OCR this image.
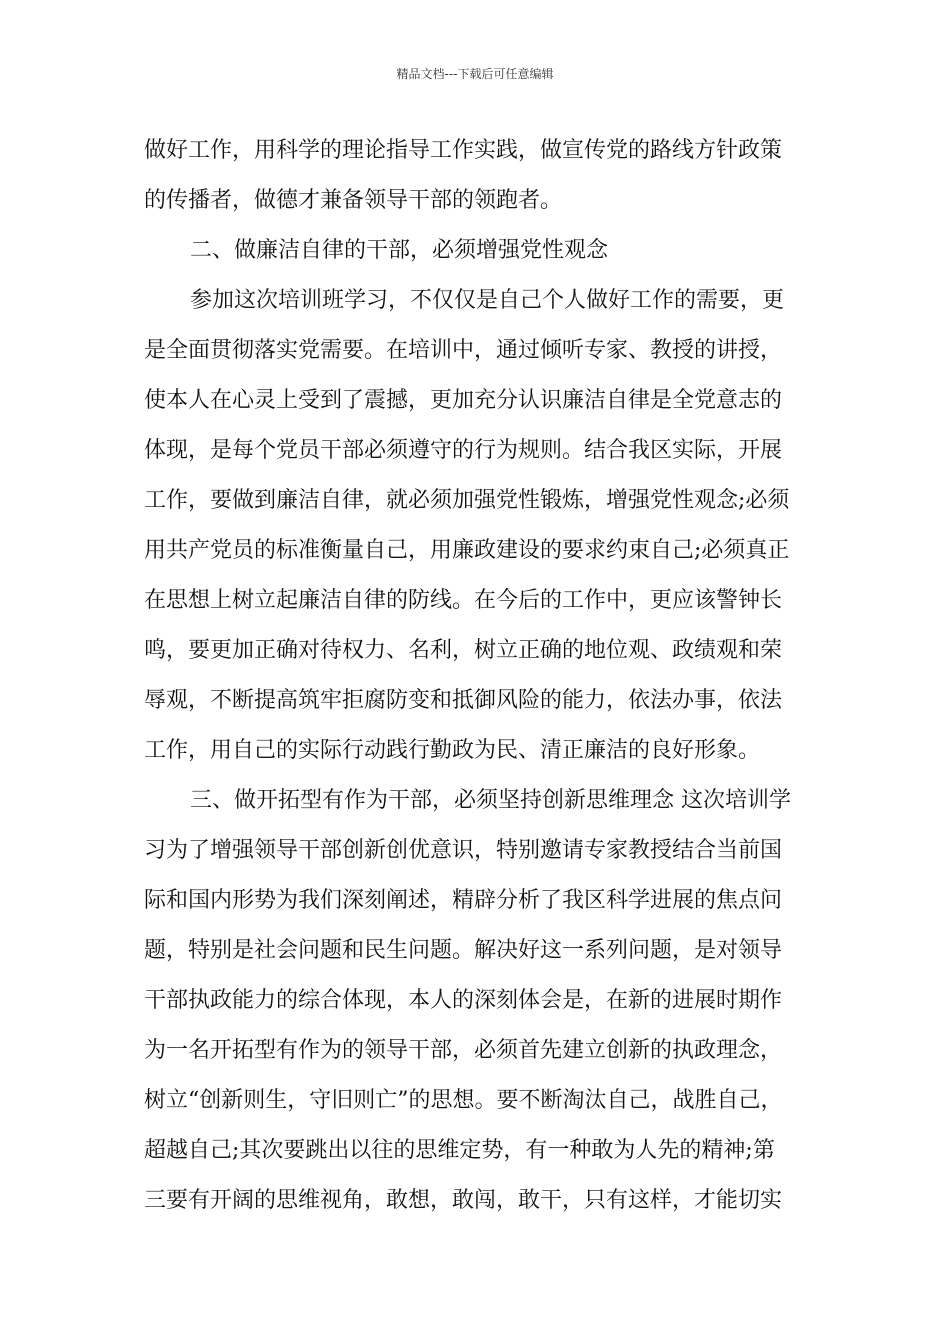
精品文档---下载后可任意编辑
做好工作，用科学的理论指导工作实践，做宣传党的路线方针政策
的传播者，做德才兼备领导干部的领跑者。
二、做廉洁自律的干部，必须增强党性观念
参加这次培训班学习，不仅仅是自己个人做好工作的需要，更
是全面贯彻落实党需要。在培训中，通过倾听专家、教授的讲授，
使本人在心灵上受到了震撼，更加充分认识廉洁自律是全党意志的
体现，是每个党员干部必须遵守的行为规则。结合我区实际，开展
工作，要做到廉洁自律，就必须加强党性锻炼，增强党性观念;必须
用共产党员的标准衡量自己，用廉政建设的要求约束自己;必须真正
在思想上树立起廉洁自律的防线。在今后的工作中，更应该警钟长
鸣，要更加正确对待权力、名利，树立正确的地位观、政绩观和荣
辱观，不断提高筑牢拒腐防变和抵御风险的能力，依法办事，依法
工作，用自己的实际行动践行勤政为民、清正廉洁的良好形象。
三、做开拓型有作为干部，必须坚持创新思维理念 这次培训学
习为了增强领导干部创新创优意识，特别邀请专家教授结合当前国
际和国内形势为我们深刻阐述，精辟分析了我区科学进展的焦点问
题，特别是社会问题和民生问题。解决好这一系列问题，是对领导
干部执政能力的综合体现，本人的深刻体会是，在新的进展时期作
为一名开拓型有作为的领导干部，必须首先建立创新的执政理念，
树立“创新则生，守旧则亡”的思想。要不断淘汰自己，战胜自己，
超越自己;其次要跳出以往的思维定势，有一种敢为人先的精神;第
三要有开阔的思维视角，敢想，敢闯，敢干，只有这样，才能切实
